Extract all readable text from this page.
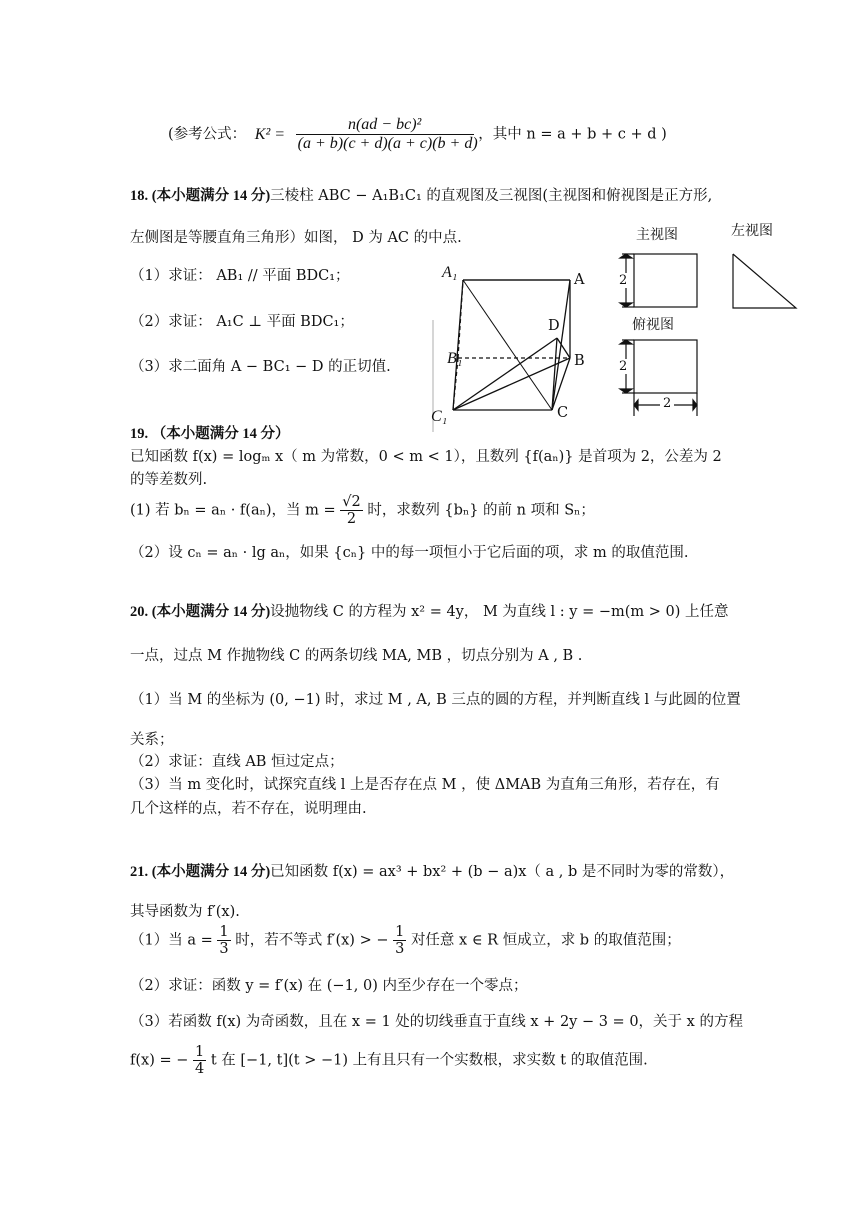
(参考公式： $K^2 = \frac{\text{n(ad − bc)²}}{(a + b)(c + d)(a + c)(b + d)}$ ，其中 n = a + b + c + d )
18. (本小题满分 14 分)三棱柱 ABC − A₁B₁C₁ 的直观图及三视图(主视图和俯视图是正方形,
左侧图是等腰直角三角形）如图， D 为 AC 的中点.
（1）求证： AB₁ // 平面 BDC₁；
（2）求证： A₁C ⊥ 平面 BDC₁；
（3）求二面角 A − BC₁ − D 的正切值.
A₁	A
D
B₁	B
C₁	C
主视图	左视图
俯视图
2
2
2
19. （本小题满分 14 分）
已知函数 f(x) = logₘ x（ m 为常数，0 < m < 1），且数列 {f(aₙ)} 是首项为 2，公差为 2
的等差数列.
(1) 若 bₙ = aₙ · f(aₙ)，当 $m = \frac{√2}{2}$ 时，求数列 {bₙ} 的前 n 项和 Sₙ；
（2）设 cₙ = aₙ · lg aₙ，如果 {cₙ} 中的每一项恒小于它后面的项，求 m 的取值范围.
20. (本小题满分 14 分)设抛物线 C 的方程为 x² = 4y， M 为直线 l : y = −m(m > 0) 上任意
一点，过点 M 作抛物线 C 的两条切线 MA, MB ，切点分别为 A , B .
（1）当 M 的坐标为 (0, −1) 时，求过 M , A, B 三点的圆的方程，并判断直线 l 与此圆的位置
关系；
（2）求证：直线 AB 恒过定点；
（3）当 m 变化时，试探究直线 l 上是否存在点 M ，使 ΔMAB 为直角三角形，若存在，有
几个这样的点，若不存在，说明理由.
21. (本小题满分 14 分)已知函数 f(x) = ax³ + bx² + (b − a)x（ a , b 是不同时为零的常数），
其导函数为 f′(x).
（1）当 $a = \frac{1}{3}$ 时，若不等式 f′(x) > − $\frac{1}{3}$ 对任意 x ∈ R 恒成立，求 b 的取值范围；
（2）求证：函数 y = f′(x) 在 (−1, 0) 内至少存在一个零点；
（3）若函数 f(x) 为奇函数，且在 x = 1 处的切线垂直于直线 x + 2y − 3 = 0，关于 x 的方程
f(x) = − $\frac{1}{4}$ t 在 [−1, t](t > −1) 上有且只有一个实数根，求实数 t 的取值范围.
